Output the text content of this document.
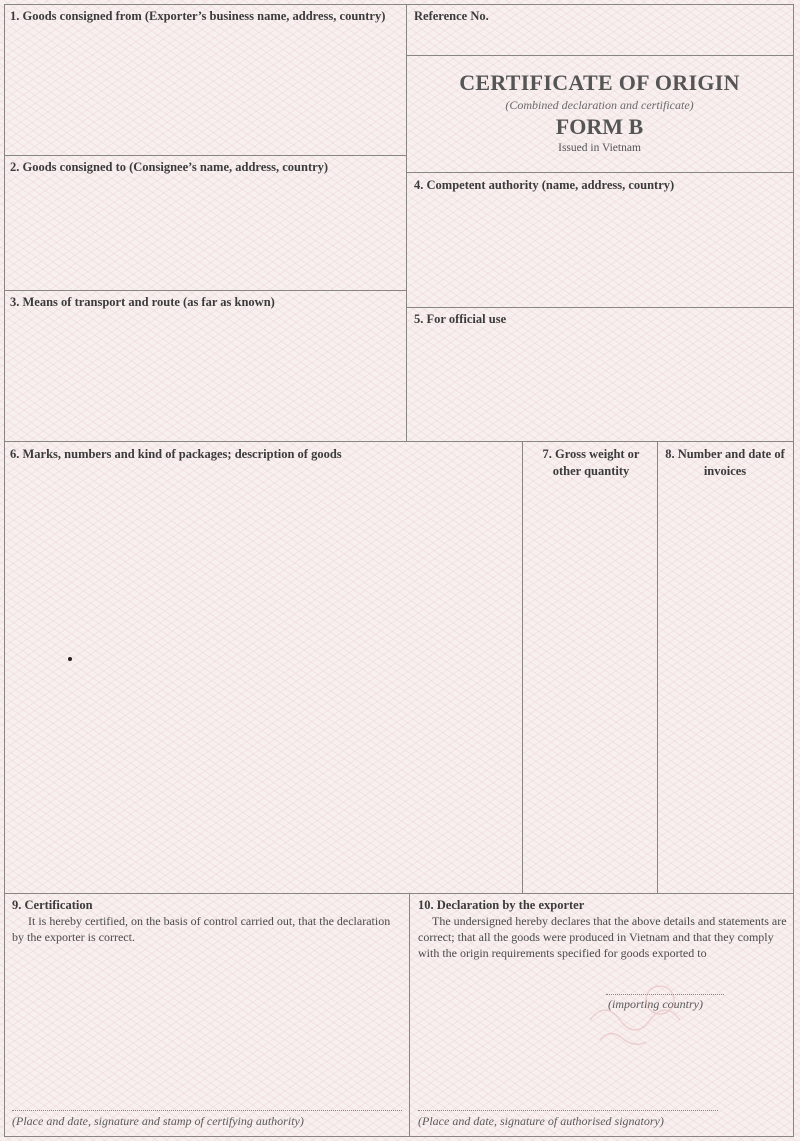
1. Goods consigned from (Exporter’s business name, address, country)	Reference No.
CERTIFICATE OF ORIGIN
(Combined declaration and certificate)
FORM B
Issued in Vietnam
2. Goods consigned to (Consignee’s name, address, country)
4. Competent authority (name, address, country)
3. Means of transport and route (as far as known)
5. For official use
6. Marks, numbers and kind of packages; description of goods	7. Gross weight or other quantity
8. Number and date of invoices
9. Certification
It is hereby certified, on the basis of control carried out, that the declaration by the exporter is correct.
(Place and date, signature and stamp of certifying authority)
10. Declaration by the exporter
The undersigned hereby declares that the above details and statements are correct; that all the goods were produced in Vietnam and that they comply with the origin requirements specified for goods exported to
(importing country)
(Place and date, signature of authorised signatory)
